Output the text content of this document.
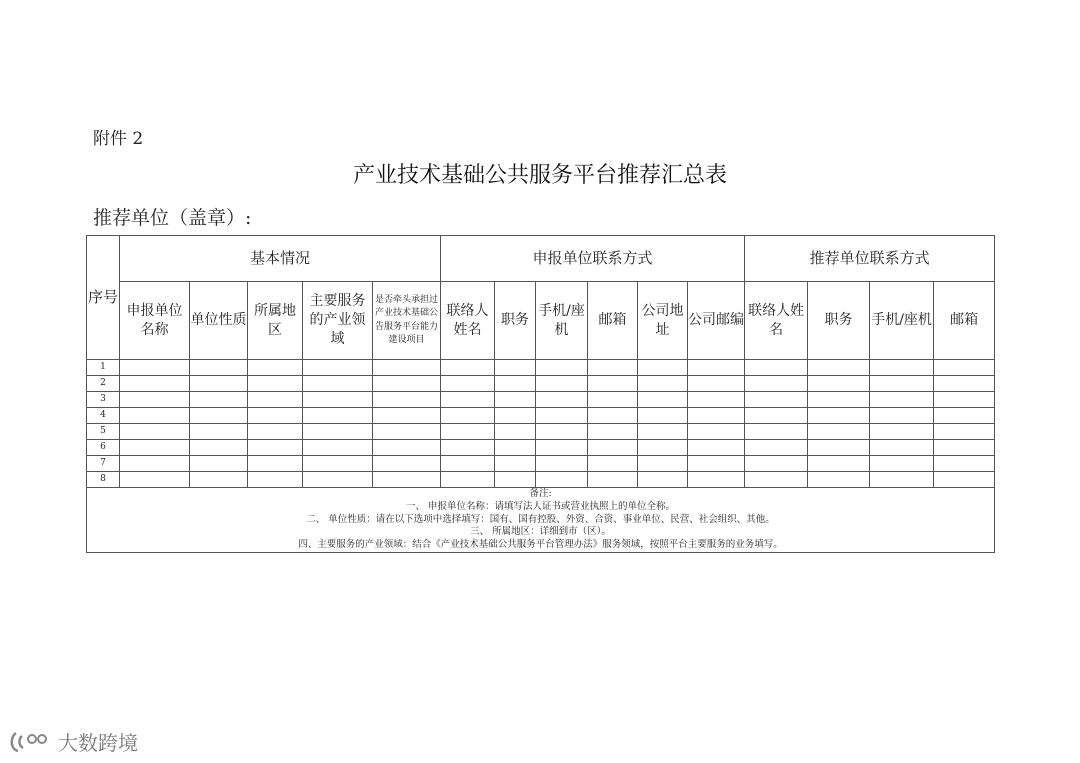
附件 2
产业技术基础公共服务平台推荐汇总表
推荐单位（盖章）:
序号	基本情况					申报单位联系方式						推荐单位联系方式			
	申报单位名称	单位性质	所属地区	主要服务的产业领域	是否牵头承担过产业技术基础公告服务平台能力建设项目	联络人姓名	职务	手机/座机	邮箱	公司地址	公司邮编	联络人姓名	职务	手机/座机	邮箱
1															
2															
3															
4															
5															
6															
7															
8															

备注:
一、 申报单位名称：请填写法人证书或营业执照上的单位全称。
二、 单位性质：请在以下选项中选择填写：国有、国有控股、外资、合资、事业单位、民营、社会组织、其他。
三、 所属地区：详细到市（区）。
四、主要服务的产业领域：结合《产业技术基础公共服务平台管理办法》服务领域，按照平台主要服务的业务填写。															
大数跨境
